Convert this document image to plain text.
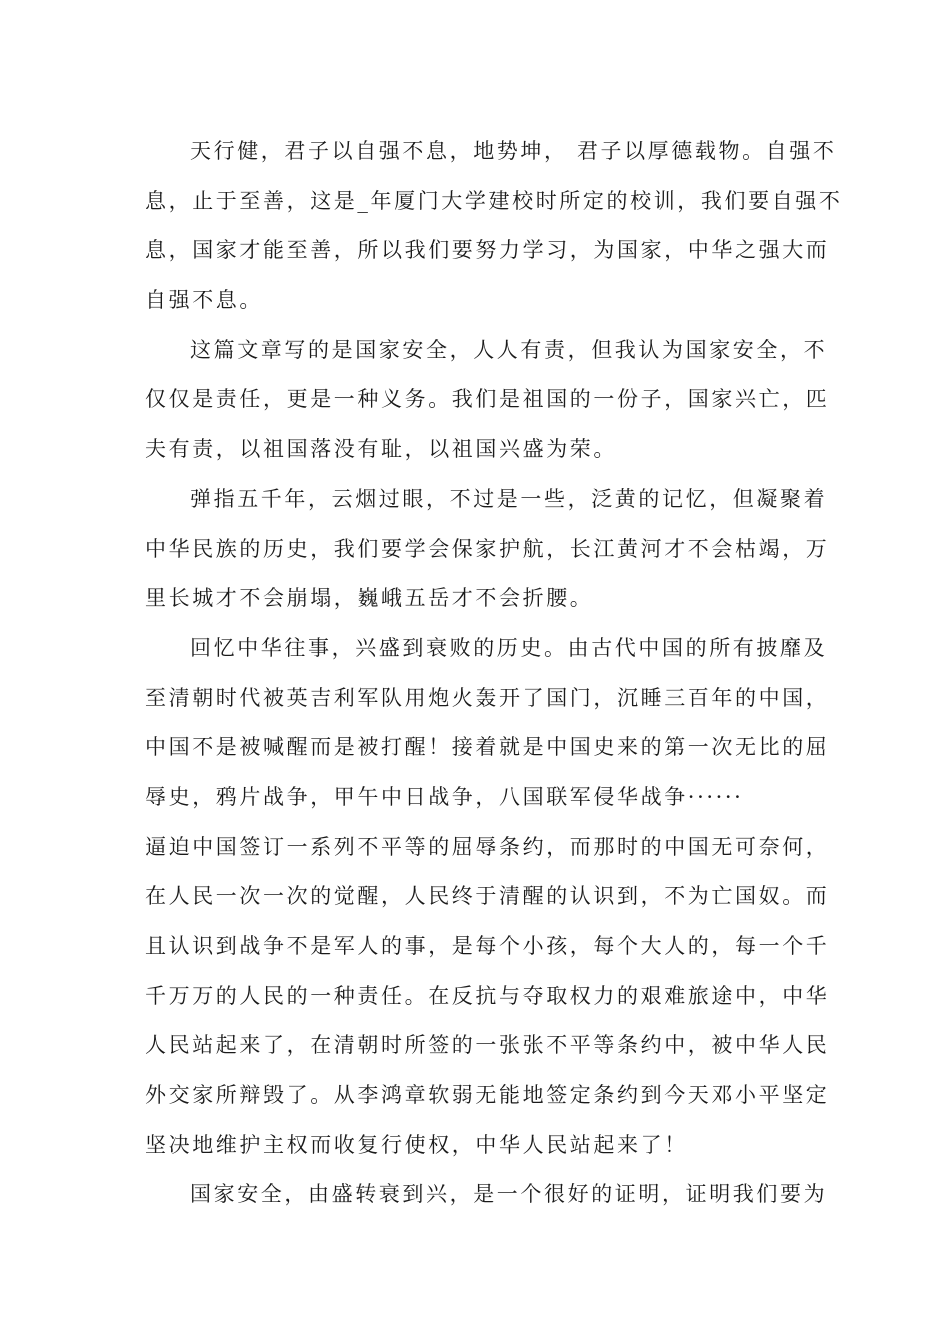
天行健，君子以自强不息，地势坤， 君子以厚德载物。自强不
息，止于至善，这是_年厦门大学建校时所定的校训，我们要自强不
息，国家才能至善，所以我们要努力学习，为国家，中华之强大而
自强不息。
这篇文章写的是国家安全，人人有责，但我认为国家安全，不
仅仅是责任，更是一种义务。我们是祖国的一份子，国家兴亡，匹
夫有责，以祖国落没有耻，以祖国兴盛为荣。
弹指五千年，云烟过眼，不过是一些，泛黄的记忆，但凝聚着
中华民族的历史，我们要学会保家护航，长江黄河才不会枯竭，万
里长城才不会崩塌，巍峨五岳才不会折腰。
回忆中华往事，兴盛到衰败的历史。由古代中国的所有披靡及
至清朝时代被英吉利军队用炮火轰开了国门，沉睡三百年的中国，
中国不是被喊醒而是被打醒！接着就是中国史来的第一次无比的屈
辱史，鸦片战争，甲午中日战争，八国联军侵华战争······
逼迫中国签订一系列不平等的屈辱条约，而那时的中国无可奈何，
在人民一次一次的觉醒，人民终于清醒的认识到，不为亡国奴。而
且认识到战争不是军人的事，是每个小孩，每个大人的，每一个千
千万万的人民的一种责任。在反抗与夺取权力的艰难旅途中，中华
人民站起来了，在清朝时所签的一张张不平等条约中，被中华人民
外交家所辩毁了。从李鸿章软弱无能地签定条约到今天邓小平坚定
坚决地维护主权而收复行使权，中华人民站起来了！
国家安全，由盛转衰到兴，是一个很好的证明，证明我们要为
